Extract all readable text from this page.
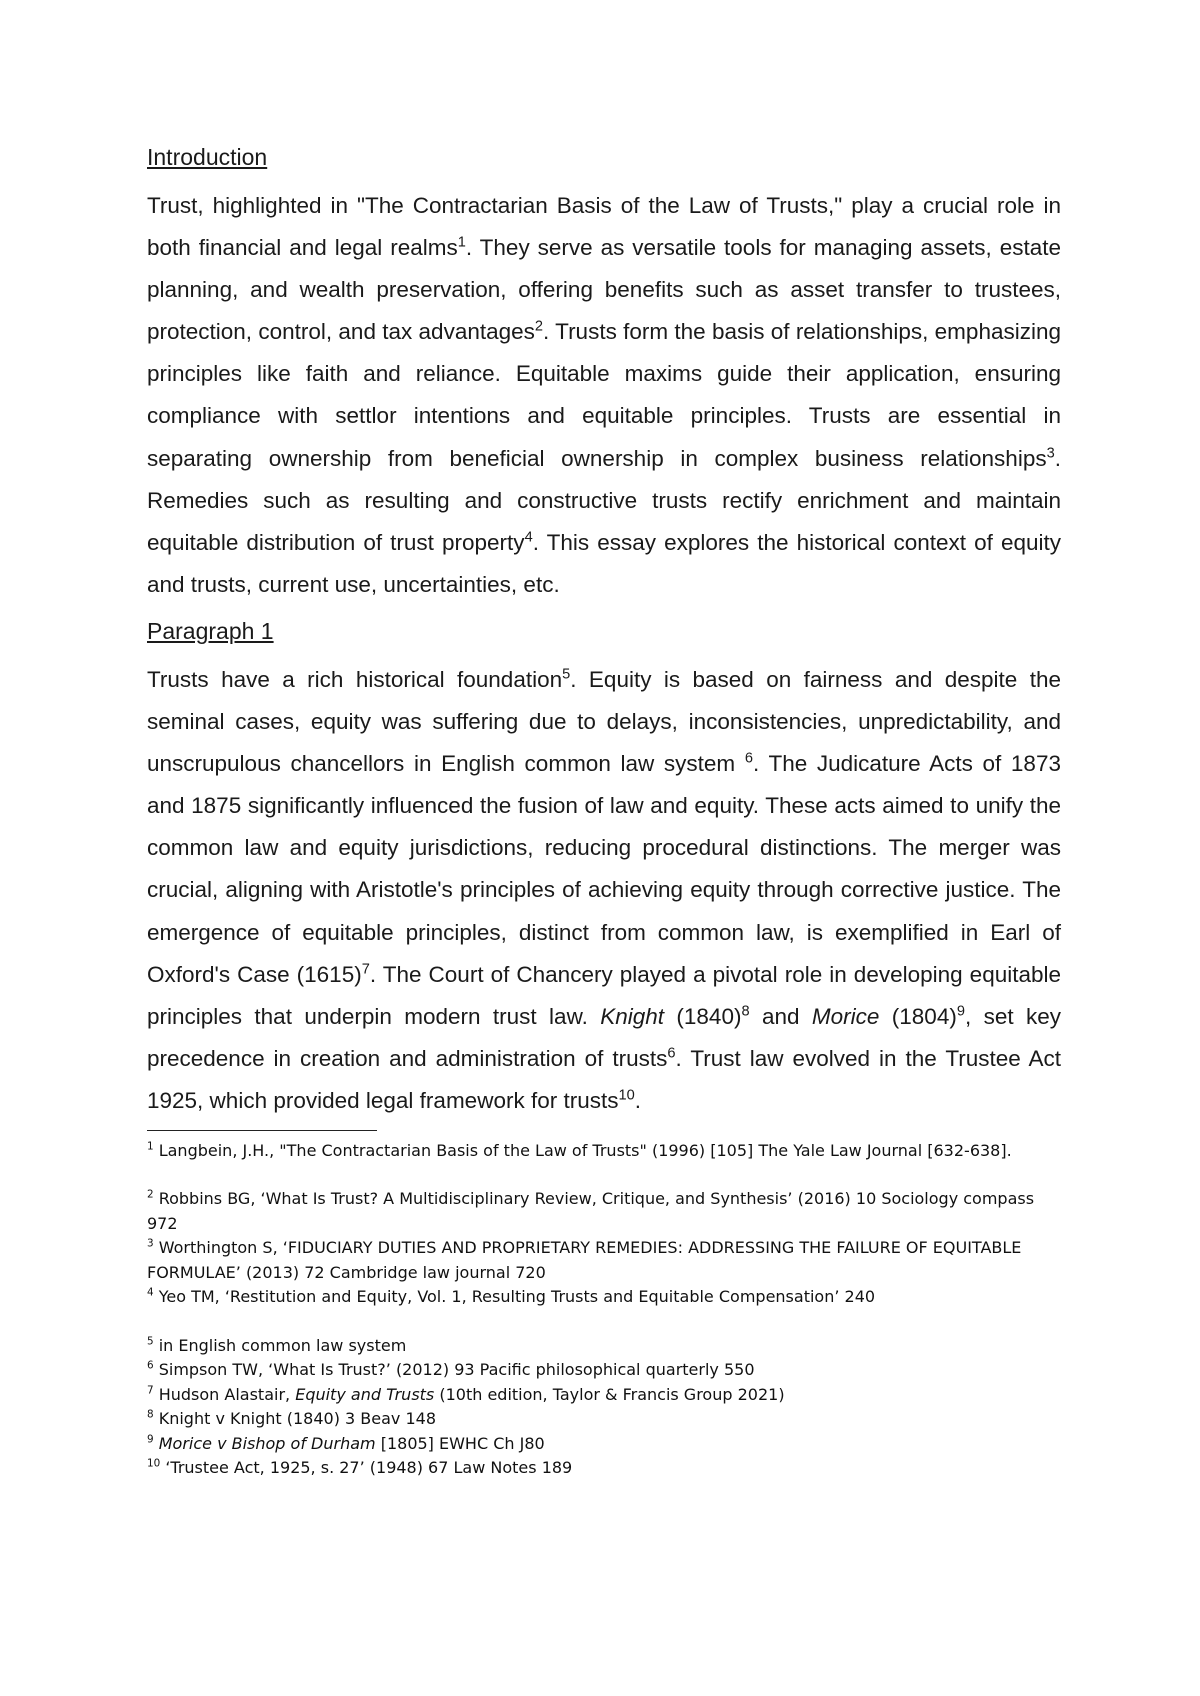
Introduction

Trust, highlighted in "The Contractarian Basis of the Law of Trusts," play a crucial role in both financial and legal realms$^1$. They serve as versatile tools for managing assets, estate planning, and wealth preservation, offering benefits such as asset transfer to trustees, protection, control, and tax advantages$^2$. Trusts form the basis of relationships, emphasizing principles like faith and reliance. Equitable maxims guide their application, ensuring compliance with settlor intentions and equitable principles. Trusts are essential in separating ownership from beneficial ownership in complex business relationships$^3$. Remedies such as resulting and constructive trusts rectify enrichment and maintain equitable distribution of trust property$^4$. This essay explores the historical context of equity and trusts, current use, uncertainties, etc.

Paragraph 1

Trusts have a rich historical foundation$^5$. Equity is based on fairness and despite the seminal cases, equity was suffering due to delays, inconsistencies, unpredictability, and unscrupulous chancellors in English common law system $^6$. The Judicature Acts of 1873 and 1875 significantly influenced the fusion of law and equity. These acts aimed to unify the common law and equity jurisdictions, reducing procedural distinctions. The merger was crucial, aligning with Aristotle's principles of achieving equity through corrective justice. The emergence of equitable principles, distinct from common law, is exemplified in Earl of Oxford's Case $(1615)^7$. The Court of Chancery played a pivotal role in developing equitable principles that underpin modern trust law. Knight $(1840)^8$ and Morice $(1804)^9$, set key precedence in creation and administration of trusts$^6$. Trust law evolved in the Trustee Act 1925, which provided legal framework for trusts$^{10}$.

$^1$ Langbein, J.H., "The Contractarian Basis of the Law of Trusts" (1996) [105] The Yale Law Journal [632-638].

$^2$ Robbins BG, ‘What Is Trust? A Multidisciplinary Review, Critique, and Synthesis’ (2016) 10 Sociology compass 972

$^3$ Worthington S, ‘FIDUCIARY DUTIES AND PROPRIETARY REMEDIES: ADDRESSING THE FAILURE OF EQUITABLE FORMULAE’ (2013) 72 Cambridge law journal 720

$^4$ Yeo TM, ‘Restitution and Equity, Vol. 1, Resulting Trusts and Equitable Compensation’ 240

$^5$ in English common law system

$^6$ Simpson TW, ‘What Is Trust?’ (2012) 93 Pacific philosophical quarterly 550

$^7$ Hudson Alastair, Equity and Trusts (10th edition, Taylor & Francis Group 2021)

$^8$ Knight v Knight (1840) 3 Beav 148

$^9$ Morice v Bishop of Durham [1805] EWHC Ch J80

$^{10}$ ‘Trustee Act, 1925, s. 27’ (1948) 67 Law Notes 189
